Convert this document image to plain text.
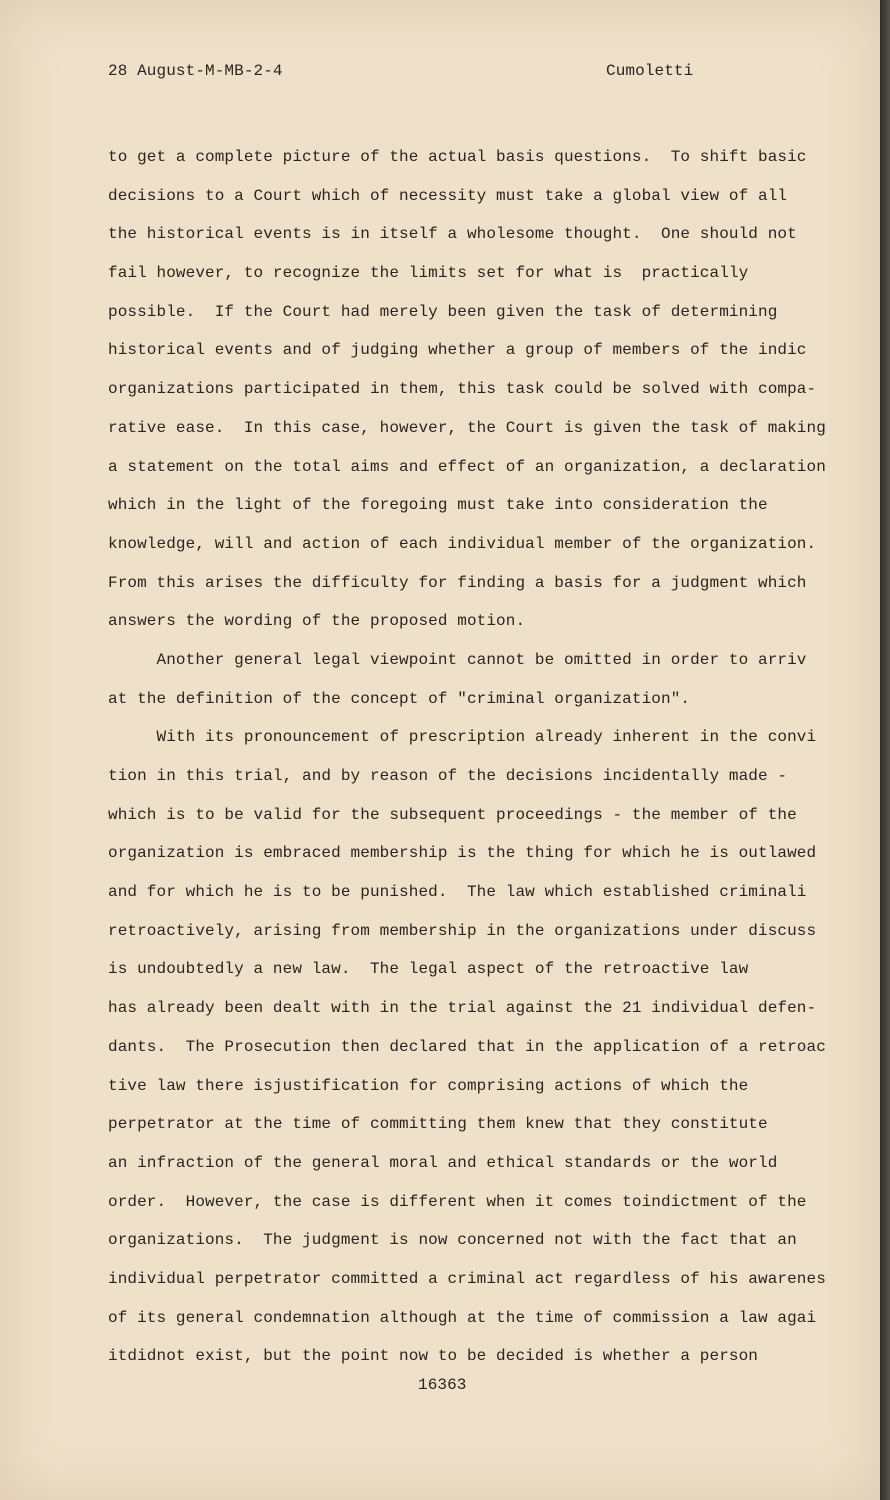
28 August-M-MB-2-4	Cumoletti
to get a complete picture of the actual basis questions.  To shift basic
decisions to a Court which of necessity must take a global view of all
the historical events is in itself a wholesome thought.  One should not
fail however, to recognize the limits set for what is  practically
possible.  If the Court had merely been given the task of determining
historical events and of judging whether a group of members of the indic
organizations participated in them, this task could be solved with compa-
rative ease.  In this case, however, the Court is given the task of making
a statement on the total aims and effect of an organization, a declaration
which in the light of the foregoing must take into consideration the
knowledge, will and action of each individual member of the organization.
From this arises the difficulty for finding a basis for a judgment which
answers the wording of the proposed motion.
Another general legal viewpoint cannot be omitted in order to arriv
at the definition of the concept of "criminal organization".
With its pronouncement of prescription already inherent in the convi
tion in this trial, and by reason of the decisions incidentally made -
which is to be valid for the subsequent proceedings - the member of the
organization is embraced membership is the thing for which he is outlawed
and for which he is to be punished.  The law which established criminali
retroactively, arising from membership in the organizations under discuss
is undoubtedly a new law.  The legal aspect of the retroactive law
has already been dealt with in the trial against the 21 individual defen-
dants.  The Prosecution then declared that in the application of a retroac
tive law there isjustification for comprising actions of which the
perpetrator at the time of committing them knew that they constitute
an infraction of the general moral and ethical standards or the world
order.  However, the case is different when it comes toindictment of the
organizations.  The judgment is now concerned not with the fact that an
individual perpetrator committed a criminal act regardless of his awarenes
of its general condemnation although at the time of commission a law agai
itdidnot exist, but the point now to be decided is whether a person
16363
